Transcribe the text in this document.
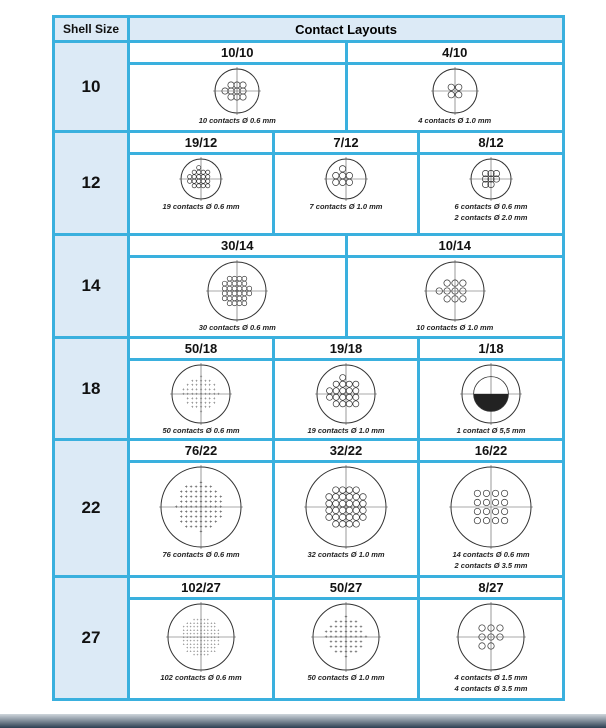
Shell Size	Contact Layouts
10
10/10
10 contacts Ø 0.6 mm
4/10
4 contacts Ø 1.0 mm
12
19/12
19 contacts Ø 0.6 mm
7/12
7 contacts Ø 1.0 mm
8/12
6 contacts Ø 0.6 mm
2 contacts Ø 2.0 mm
14
30/14
30 contacts Ø 0.6 mm
10/14
10 contacts Ø 1.0 mm
18
50/18
+
+
+
+
+
+
+
+
+
+
+
+
+
+
+
+
+
+
+
+
+
+
+
+
+
+
+
+
+
+
+
+
+
+
+
+
+
+
+
+
+
+
+
+
+
+
+
+
+
+
50 contacts Ø 0.6 mm
19/18
19 contacts Ø 1.0 mm
1/18
1 contact Ø 5,5 mm
22
76/22
+
+
+
+
+
+
+
+
+
+
+
+
+
+
+
+
+
+
+
+
+
+
+
+
+
+
+
+
+
+
+
+
+
+
+
+
+
+
+
+
+
+
+
+
+
+
+
+
+
+
+
+
+
+
+
+
+
+
+
+
+
+
+
+
+
+
+
+
+
+
+
+
+
+
+
+
76 contacts Ø 0.6 mm
32/22
32 contacts Ø 1.0 mm
16/22
14 contacts Ø 0.6 mm
2 contacts Ø 3.5 mm
27
102/27
+
+
+
+
+
+
+
+
+
+
+
+
+
+
+
+
+
+
+
+
+
+
+
+
+
+
+
+
+
+
+
+
+
+
+
+
+
+
+
+
+
+
+
+
+
+
+
+
+
+
+
+
+
+
+
+
+
+
+
+
+
+
+
+
+
+
+
+
+
+
+
+
+
+
+
+
+
+
+
+
+
+
+
+
+
+
+
+
+
+
+
+
+
+
+
+
+
+
+
+
+
+
102 contacts Ø 0.6 mm
50/27
+
+
+
+
+
+
+
+
+
+
+
+
+
+
+
+
+
+
+
+
+
+
+
+
+
+
+
+
+
+
+
+
+
+
+
+
+
+
+
+
+
+
+
+
+
+
+
+
+
+
50 contacts Ø 1.0 mm
8/27
4 contacts Ø 1.5 mm
4 contacts Ø 3.5 mm
